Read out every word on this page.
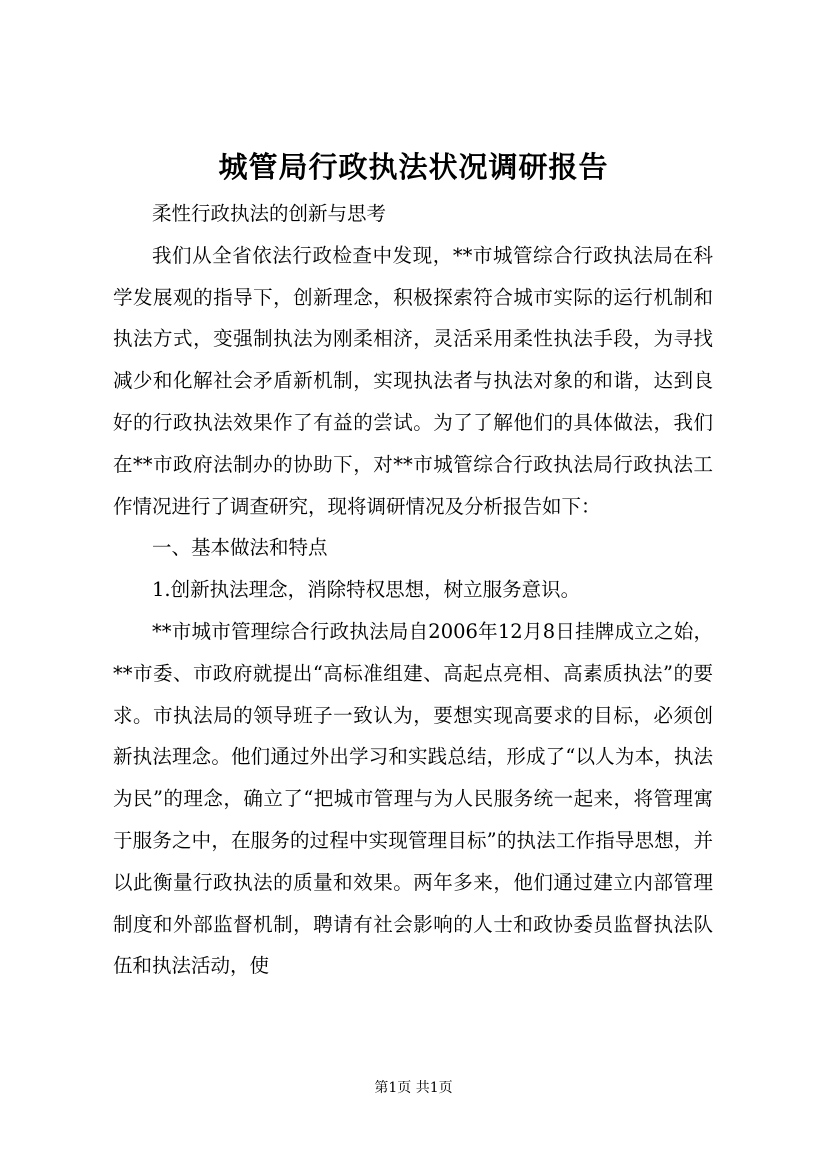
城管局行政执法状况调研报告

柔性行政执法的创新与思考

我们从全省依法行政检查中发现，**市城管综合行政执法局在科学发展观的指导下，创新理念，积极探索符合城市实际的运行机制和执法方式，变强制执法为刚柔相济，灵活采用柔性执法手段，为寻找减少和化解社会矛盾新机制，实现执法者与执法对象的和谐，达到良好的行政执法效果作了有益的尝试。为了了解他们的具体做法，我们在**市政府法制办的协助下，对**市城管综合行政执法局行政执法工作情况进行了调查研究，现将调研情况及分析报告如下：

一、基本做法和特点

1.创新执法理念，消除特权思想，树立服务意识。

**市城市管理综合行政执法局自2006年12月8日挂牌成立之始，**市委、市政府就提出“高标准组建、高起点亮相、高素质执法”的要求。市执法局的领导班子一致认为，要想实现高要求的目标，必须创新执法理念。他们通过外出学习和实践总结，形成了“以人为本，执法为民”的理念，确立了“把城市管理与为人民服务统一起来，将管理寓于服务之中，在服务的过程中实现管理目标”的执法工作指导思想，并以此衡量行政执法的质量和效果。两年多来，他们通过建立内部管理制度和外部监督机制，聘请有社会影响的人士和政协委员监督执法队伍和执法活动，使

第1页 共1页
